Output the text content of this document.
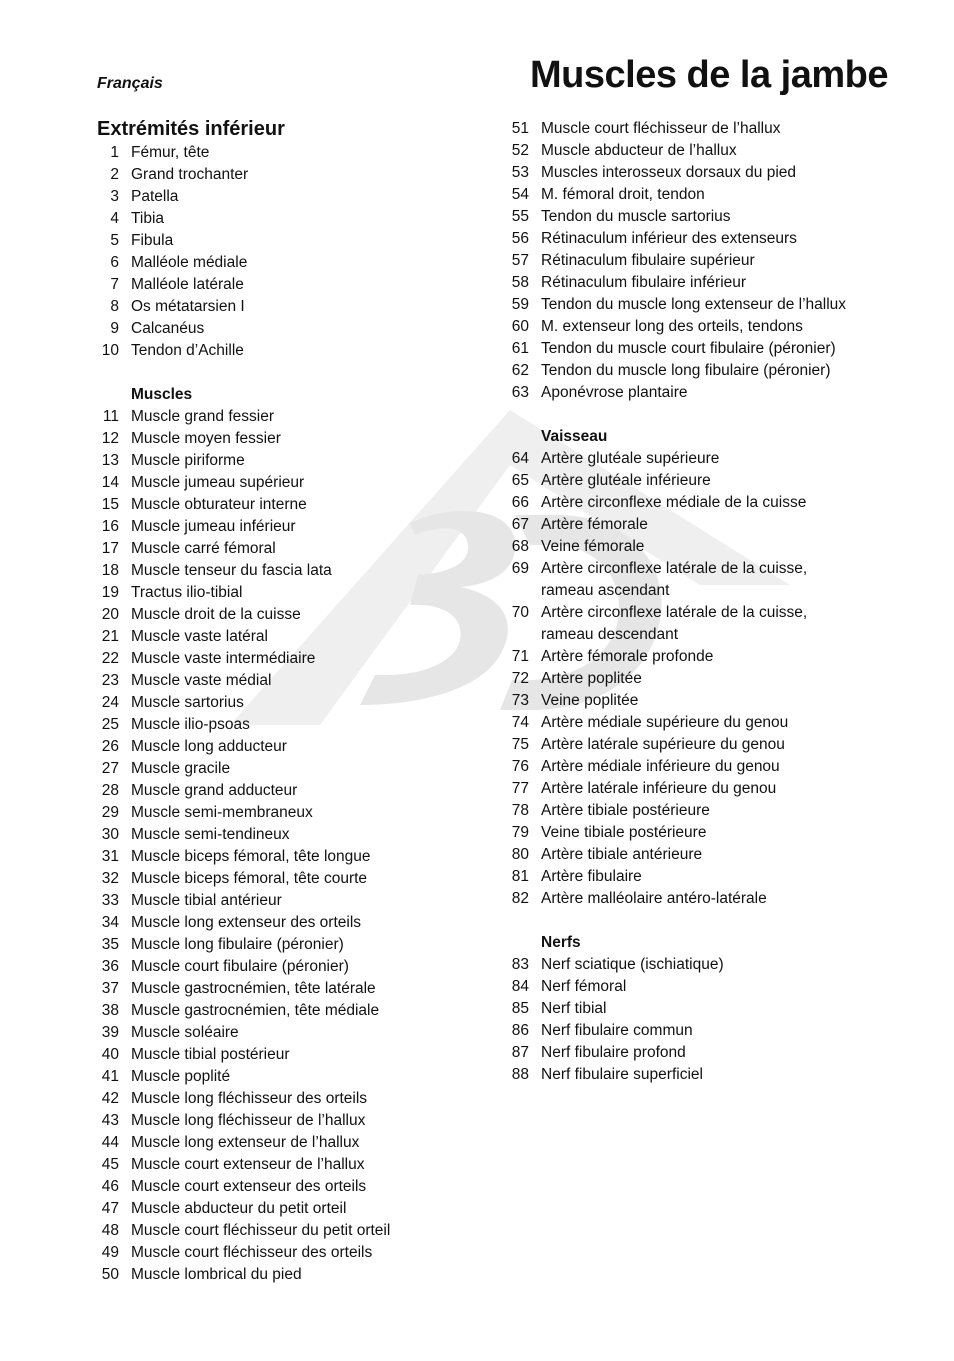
Français	Muscles de la jambe
Extrémités inférieur
1 Fémur, tête
2 Grand trochanter
3 Patella
4 Tibia
5 Fibula
6 Malléole médiale
7 Malléole latérale
8 Os métatarsien I
9 Calcanéus
10 Tendon d’Achille
Muscles
11 Muscle grand fessier
12 Muscle moyen fessier
13 Muscle piriforme
14 Muscle jumeau supérieur
15 Muscle obturateur interne
16 Muscle jumeau inférieur
17 Muscle carré fémoral
18 Muscle tenseur du fascia lata
19 Tractus ilio-tibial
20 Muscle droit de la cuisse
21 Muscle vaste latéral
22 Muscle vaste intermédiaire
23 Muscle vaste médial
24 Muscle sartorius
25 Muscle ilio-psoas
26 Muscle long adducteur
27 Muscle gracile
28 Muscle grand adducteur
29 Muscle semi-membraneux
30 Muscle semi-tendineux
31 Muscle biceps fémoral, tête longue
32 Muscle biceps fémoral, tête courte
33 Muscle tibial antérieur
34 Muscle long extenseur des orteils
35 Muscle long fibulaire (péronier)
36 Muscle court fibulaire (péronier)
37 Muscle gastrocnémien, tête latérale
38 Muscle gastrocnémien, tête médiale
39 Muscle soléaire
40 Muscle tibial postérieur
41 Muscle poplité
42 Muscle long fléchisseur des orteils
43 Muscle long fléchisseur de l’hallux
44 Muscle long extenseur de l’hallux
45 Muscle court extenseur de l’hallux
46 Muscle court extenseur des orteils
47 Muscle abducteur du petit orteil
48 Muscle court fléchisseur du petit orteil
49 Muscle court fléchisseur des orteils
50 Muscle lombrical du pied
51 Muscle court fléchisseur de l’hallux
52 Muscle abducteur de l’hallux
53 Muscles interosseux dorsaux du pied
54 M. fémoral droit, tendon
55 Tendon du muscle sartorius
56 Rétinaculum inférieur des extenseurs
57 Rétinaculum fibulaire supérieur
58 Rétinaculum fibulaire inférieur
59 Tendon du muscle long extenseur de l’hallux
60 M. extenseur long des orteils, tendons
61 Tendon du muscle court fibulaire (péronier)
62 Tendon du muscle long fibulaire (péronier)
63 Aponévrose plantaire
Vaisseau
64 Artère glutéale supérieure
65 Artère glutéale inférieure
66 Artère circonflexe médiale de la cuisse
67 Artère fémorale
68 Veine fémorale
69 Artère circonflexe latérale de la cuisse,
rameau ascendant
70 Artère circonflexe latérale de la cuisse,
rameau descendant
71 Artère fémorale profonde
72 Artère poplitée
73 Veine poplitée
74 Artère médiale supérieure du genou
75 Artère latérale supérieure du genou
76 Artère médiale inférieure du genou
77 Artère latérale inférieure du genou
78 Artère tibiale postérieure
79 Veine tibiale postérieure
80 Artère tibiale antérieure
81 Artère fibulaire
82 Artère malléolaire antéro-latérale
Nerfs
83 Nerf sciatique (ischiatique)
84 Nerf fémoral
85 Nerf tibial
86 Nerf fibulaire commun
87 Nerf fibulaire profond
88 Nerf fibulaire superficiel
